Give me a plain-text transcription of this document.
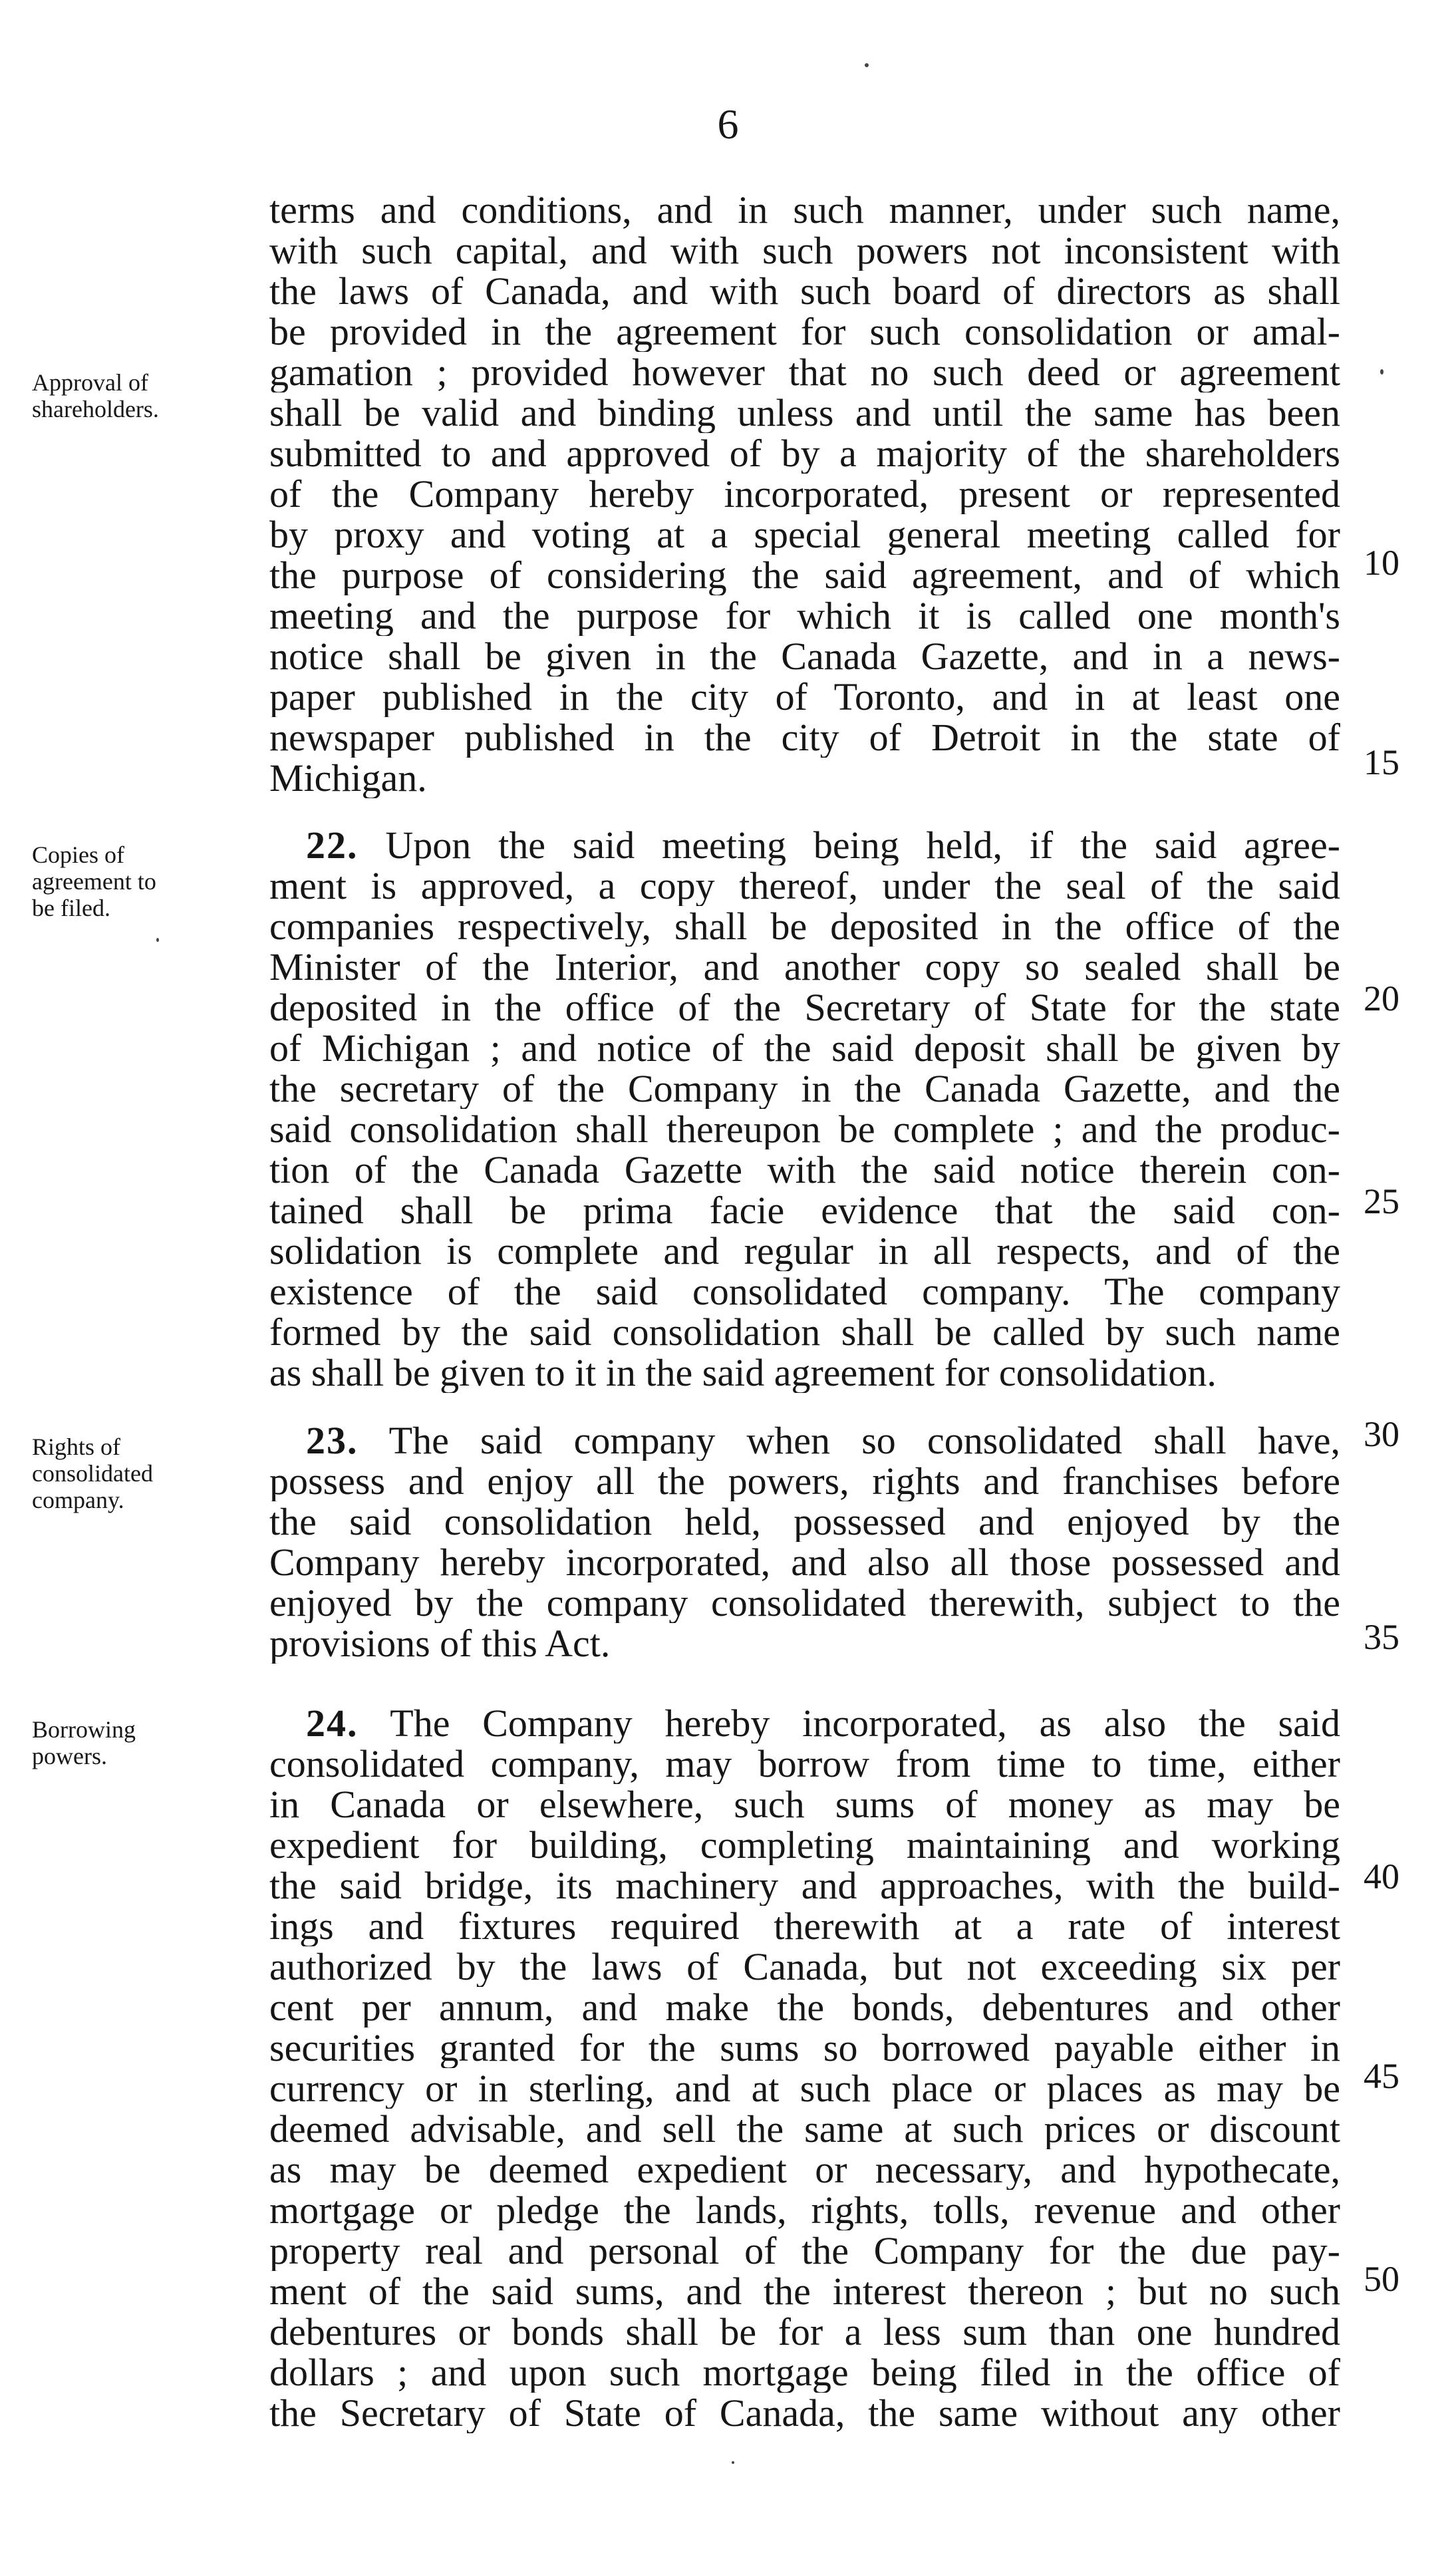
6
Approval of
shareholders.
terms and conditions, and in such manner, under such name,
with such capital, and with such powers not inconsistent with
the laws of Canada, and with such board of directors as shall
be provided in the agreement for such consolidation or amal-
gamation ; provided however that no such deed or agreement
shall be valid and binding unless and until the same has been
submitted to and approved of by a majority of the shareholders
of the Company hereby incorporated, present or represented
by proxy and voting at a special general meeting called for
the purpose of considering the said agreement, and of which
meeting and the purpose for which it is called one month's
notice shall be given in the Canada Gazette, and in a news-
paper published in the city of Toronto, and in at least one
newspaper published in the city of Detroit in the state of
Michigan.
Copies of
agreement to
be filed.
22. Upon the said meeting being held, if the said agree-
ment is approved, a copy thereof, under the seal of the said
companies respectively, shall be deposited in the office of the
Minister of the Interior, and another copy so sealed shall be
deposited in the office of the Secretary of State for the state
of Michigan ; and notice of the said deposit shall be given by
the secretary of the Company in the Canada Gazette, and the
said consolidation shall thereupon be complete ; and the produc-
tion of the Canada Gazette with the said notice therein con-
tained shall be prima facie evidence that the said con-
solidation is complete and regular in all respects, and of the
existence of the said consolidated company. The company
formed by the said consolidation shall be called by such name
as shall be given to it in the said agreement for consolidation.
Rights of
consolidated
company.
23. The said company when so consolidated shall have,
possess and enjoy all the powers, rights and franchises before
the said consolidation held, possessed and enjoyed by the
Company hereby incorporated, and also all those possessed and
enjoyed by the company consolidated therewith, subject to the
provisions of this Act.
Borrowing
powers.
24. The Company hereby incorporated, as also the said
consolidated company, may borrow from time to time, either
in Canada or elsewhere, such sums of money as may be
expedient for building, completing maintaining and working
the said bridge, its machinery and approaches, with the build-
ings and fixtures required therewith at a rate of interest
authorized by the laws of Canada, but not exceeding six per
cent per annum, and make the bonds, debentures and other
securities granted for the sums so borrowed payable either in
currency or in sterling, and at such place or places as may be
deemed advisable, and sell the same at such prices or discount
as may be deemed expedient or necessary, and hypothecate,
mortgage or pledge the lands, rights, tolls, revenue and other
property real and personal of the Company for the due pay-
ment of the said sums, and the interest thereon ; but no such
debentures or bonds shall be for a less sum than one hundred
dollars ; and upon such mortgage being filed in the office of
the Secretary of State of Canada, the same without any other
10
15
20
25
30
35
40
45
50
